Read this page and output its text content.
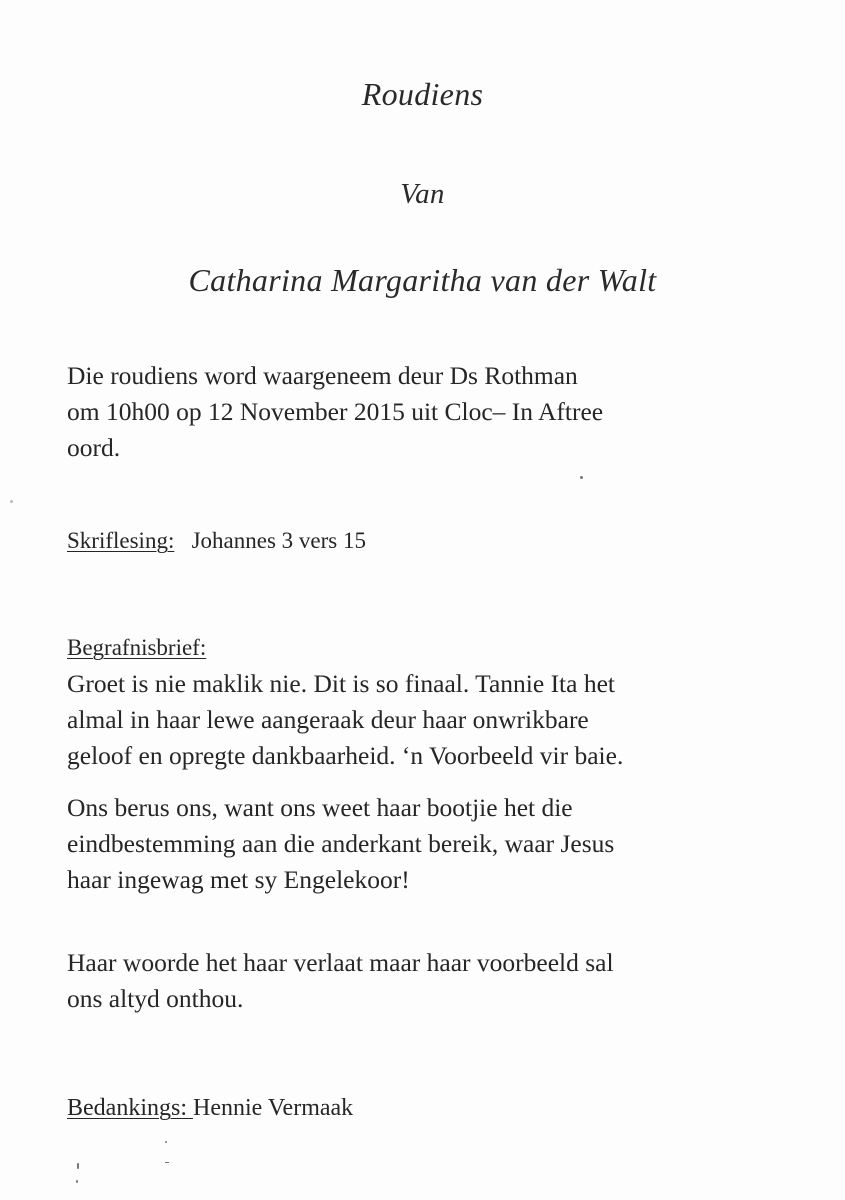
Roudiens
Van
Catharina Margaritha van der Walt
Die roudiens word waargeneem deur Ds Rothman
om 10h00 op 12 November 2015 uit Cloc– In Aftree
oord.
Skriflesing: Johannes 3 vers 15

Begrafnisbrief:

Groet is nie maklik nie. Dit is so finaal. Tannie Ita het
almal in haar lewe aangeraak deur haar onwrikbare
geloof en opregte dankbaarheid. ‘n Voorbeeld vir baie.
Ons berus ons, want ons weet haar bootjie het die
eindbestemming aan die anderkant bereik, waar Jesus
haar ingewag met sy Engelekoor!
Haar woorde het haar verlaat maar haar voorbeeld sal
ons altyd onthou.
Bedankings: Hennie Vermaak
